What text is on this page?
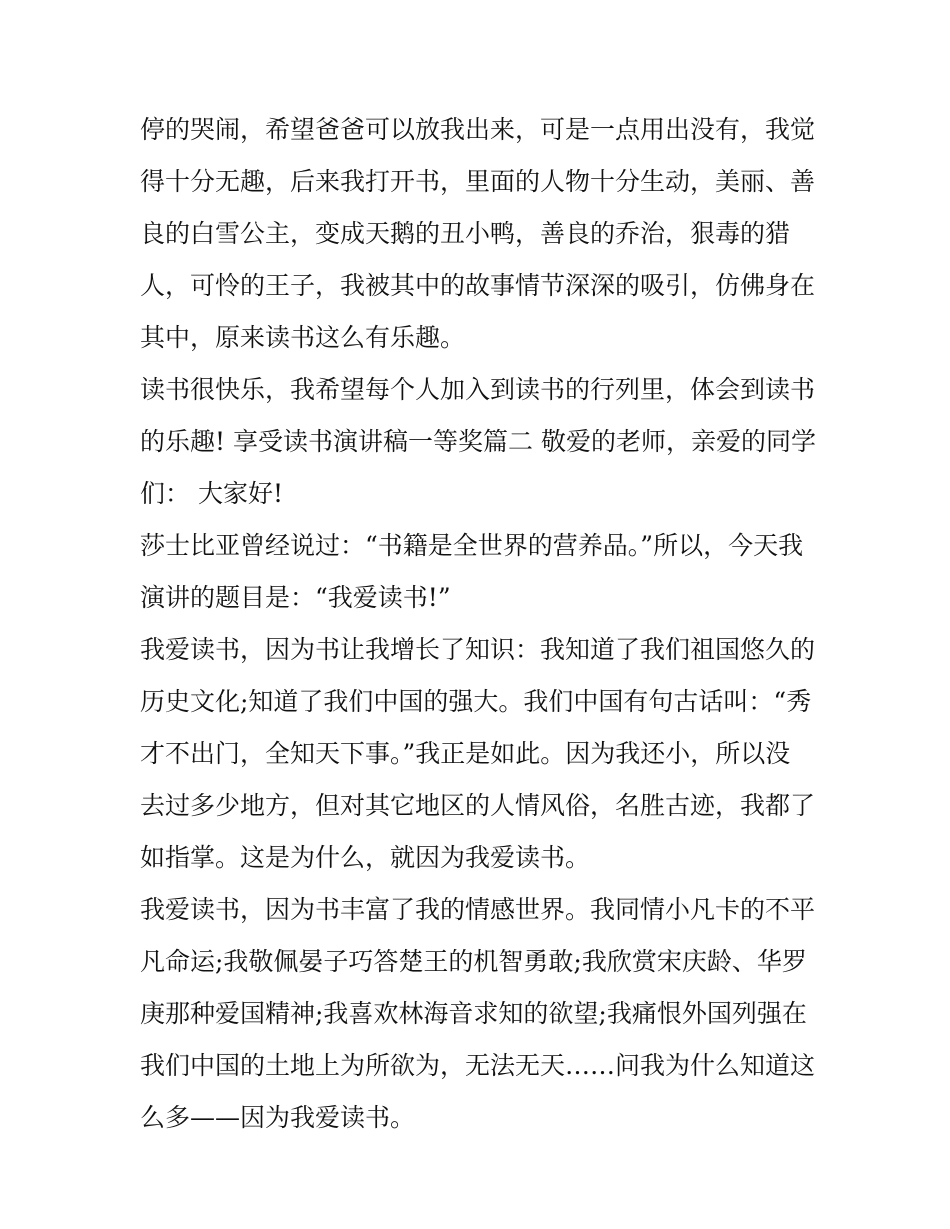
停的哭闹，希望爸爸可以放我出来，可是一点用出没有，我觉
得十分无趣，后来我打开书，里面的人物十分生动，美丽、善
良的白雪公主，变成天鹅的丑小鸭，善良的乔治，狠毒的猎
人，可怜的王子，我被其中的故事情节深深的吸引，仿佛身在
其中，原来读书这么有乐趣。
读书很快乐，我希望每个人加入到读书的行列里，体会到读书
的乐趣! 享受读书演讲稿一等奖篇二 敬爱的老师，亲爱的同学
们： 大家好!
莎士比亚曾经说过：“书籍是全世界的营养品。”所以，今天我
演讲的题目是：“我爱读书!”
我爱读书，因为书让我增长了知识：我知道了我们祖国悠久的
历史文化;知道了我们中国的强大。我们中国有句古话叫：“秀
才不出门，全知天下事。”我正是如此。因为我还小，所以没
去过多少地方，但对其它地区的人情风俗，名胜古迹，我都了
如指掌。这是为什么，就因为我爱读书。
我爱读书，因为书丰富了我的情感世界。我同情小凡卡的不平
凡命运;我敬佩晏子巧答楚王的机智勇敢;我欣赏宋庆龄、华罗
庚那种爱国精神;我喜欢林海音求知的欲望;我痛恨外国列强在
我们中国的土地上为所欲为，无法无天……问我为什么知道这
么多——因为我爱读书。
